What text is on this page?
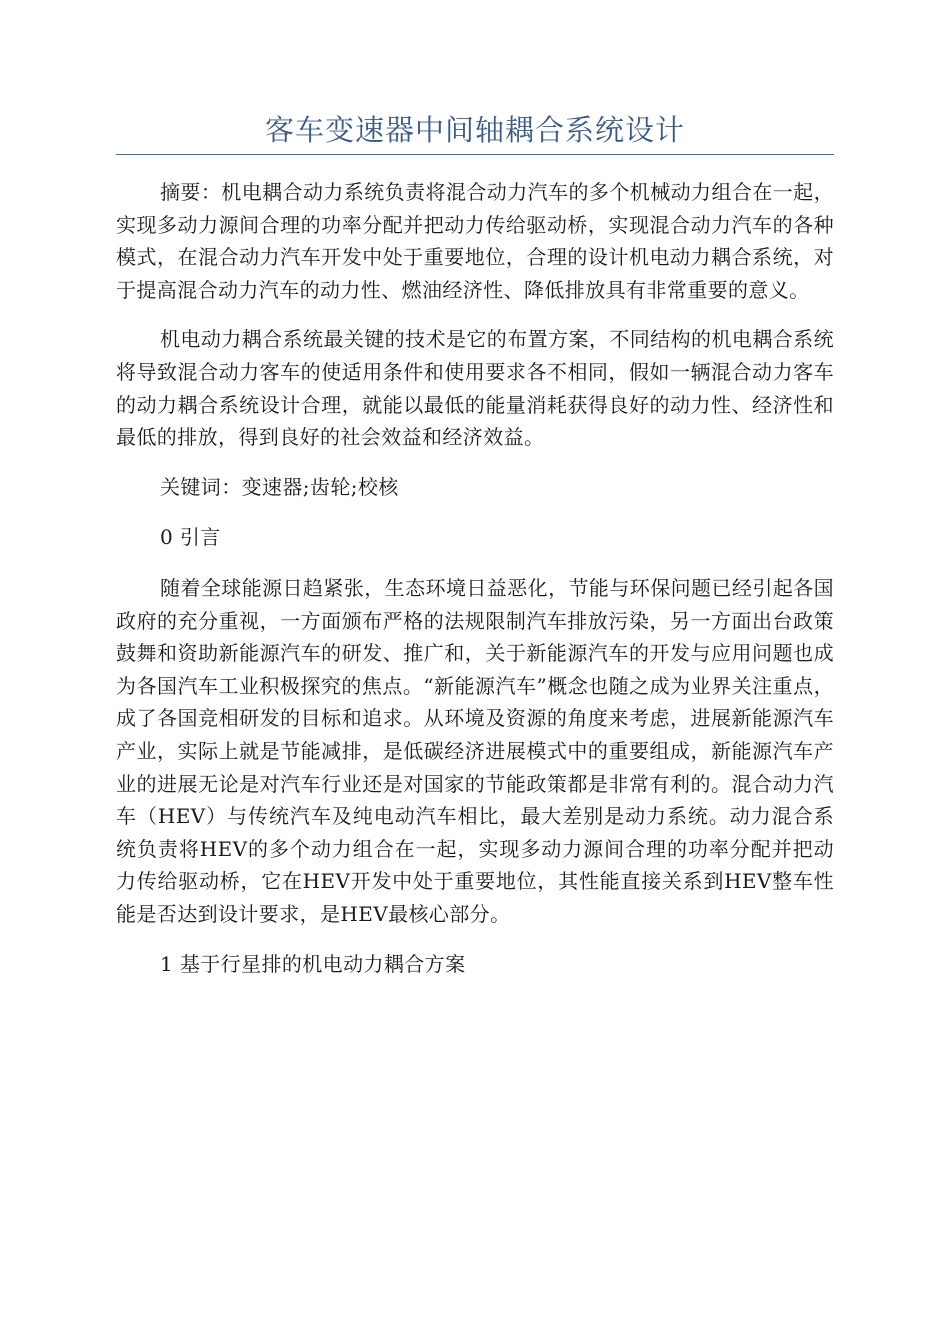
客车变速器中间轴耦合系统设计

摘要：机电耦合动力系统负责将混合动力汽车的多个机械动力组合在一起，实现多动力源间合理的功率分配并把动力传给驱动桥，实现混合动力汽车的各种模式，在混合动力汽车开发中处于重要地位，合理的设计机电动力耦合系统，对于提高混合动力汽车的动力性、燃油经济性、降低排放具有非常重要的意义。

机电动力耦合系统最关键的技术是它的布置方案，不同结构的机电耦合系统将导致混合动力客车的使适用条件和使用要求各不相同，假如一辆混合动力客车的动力耦合系统设计合理，就能以最低的能量消耗获得良好的动力性、经济性和最低的排放，得到良好的社会效益和经济效益。

关键词：变速器;齿轮;校核

0 引言

随着全球能源日趋紧张，生态环境日益恶化，节能与环保问题已经引起各国政府的充分重视，一方面颁布严格的法规限制汽车排放污染，另一方面出台政策鼓舞和资助新能源汽车的研发、推广和，关于新能源汽车的开发与应用问题也成为各国汽车工业积极探究的焦点。“新能源汽车”概念也随之成为业界关注重点，成了各国竞相研发的目标和追求。从环境及资源的角度来考虑，进展新能源汽车产业，实际上就是节能减排，是低碳经济进展模式中的重要组成，新能源汽车产业的进展无论是对汽车行业还是对国家的节能政策都是非常有利的。混合动力汽车（HEV）与传统汽车及纯电动汽车相比，最大差别是动力系统。动力混合系统负责将HEV的多个动力组合在一起，实现多动力源间合理的功率分配并把动力传给驱动桥，它在HEV开发中处于重要地位，其性能直接关系到HEV整车性能是否达到设计要求，是HEV最核心部分。

1 基于行星排的机电动力耦合方案
